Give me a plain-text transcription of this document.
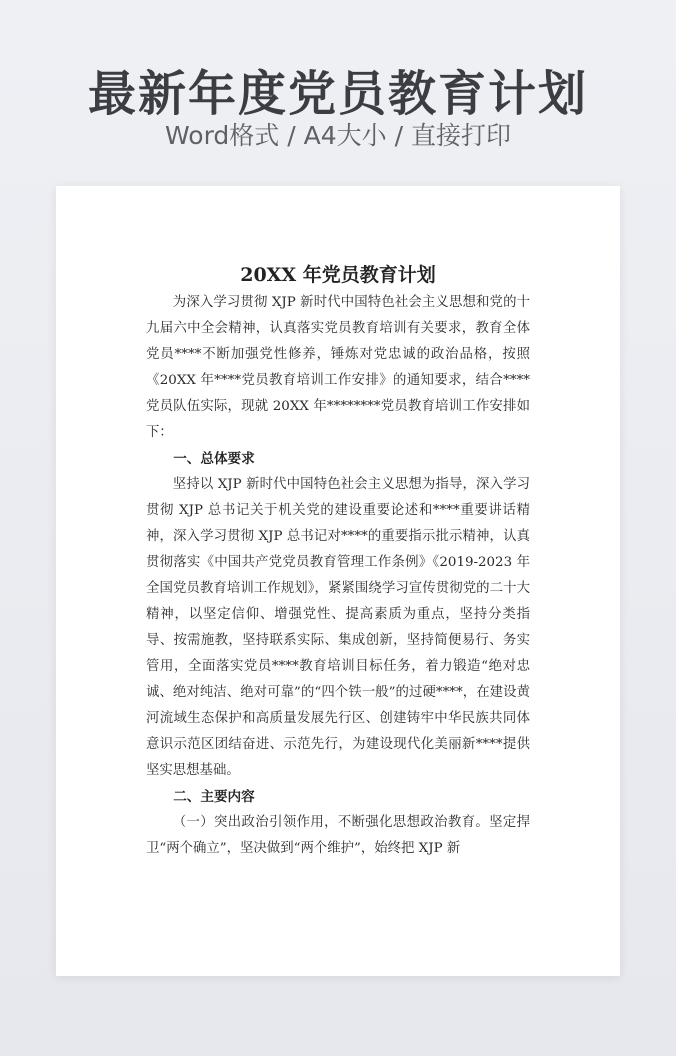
最新年度党员教育计划
Word格式 / A4大小 / 直接打印
20XX 年党员教育计划

为深入学习贯彻 XJP 新时代中国特色社会主义思想和党的十九届六中全会精神，认真落实党员教育培训有关要求，教育全体党员****不断加强党性修养，锤炼对党忠诚的政治品格，按照《20XX 年****党员教育培训工作安排》的通知要求，结合****党员队伍实际，现就 20XX 年********党员教育培训工作安排如下：

一、总体要求

坚持以 XJP 新时代中国特色社会主义思想为指导，深入学习贯彻 XJP 总书记关于机关党的建设重要论述和****重要讲话精神，深入学习贯彻 XJP 总书记对****的重要指示批示精神，认真贯彻落实《中国共产党党员教育管理工作条例》《2019-2023 年全国党员教育培训工作规划》，紧紧围绕学习宣传贯彻党的二十大精神，以坚定信仰、增强党性、提高素质为重点，坚持分类指导、按需施教，坚持联系实际、集成创新，坚持简便易行、务实管用，全面落实党员****教育培训目标任务，着力锻造“绝对忠诚、绝对纯洁、绝对可靠”的“四个铁一般”的过硬****，在建设黄河流域生态保护和高质量发展先行区、创建铸牢中华民族共同体意识示范区团结奋进、示范先行，为建设现代化美丽新****提供坚实思想基础。

二、主要内容

（一）突出政治引领作用，不断强化思想政治教育。坚定捍卫“两个确立”，坚决做到“两个维护”，始终把 XJP 新
